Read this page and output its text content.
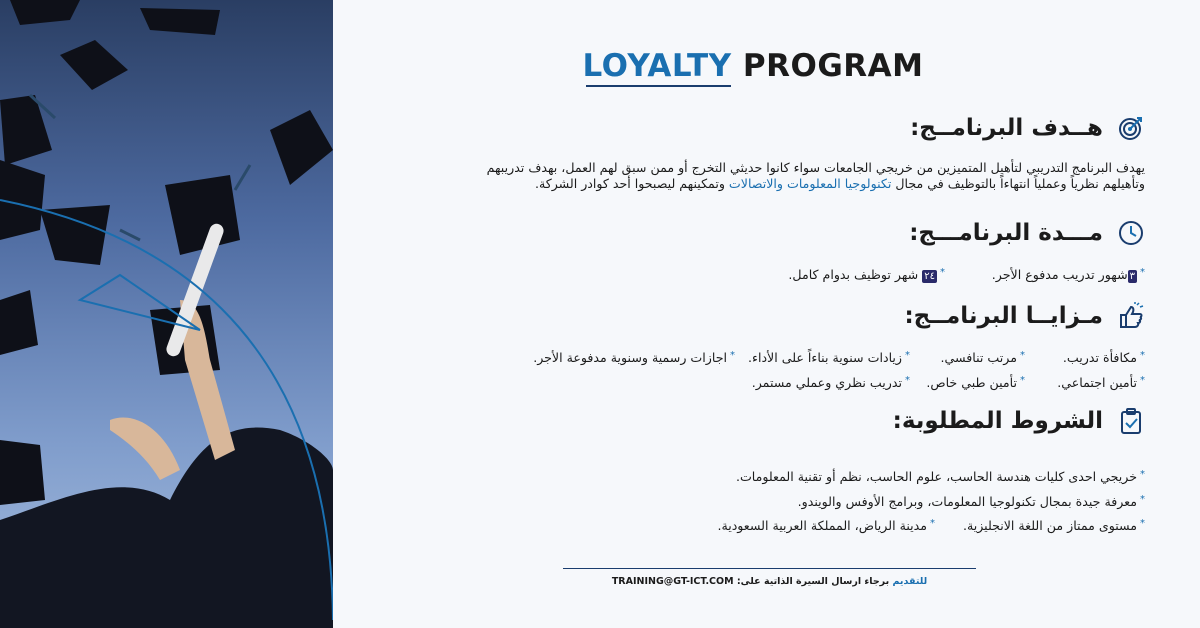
LOYALTY PROGRAM
هــدف البرنامــج:
يهدف البرنامج التدريبي لتأهيل المتميزين من خريجي الجامعات سواء كانوا حديثي التخرج أو ممن سبق لهم العمل، بهدف تدريبهم
وتأهيلهم نظرياً وعملياً انتهاءاً بالتوظيف في مجال تكنولوجيا المعلومات والاتصالات وتمكينهم ليصبحوا أحد كوادر الشركة.
مـــدة البرنامـــج:
*٣شهور تدريب مدفوع الأجر.
*٢٤ شهر توظيف بدوام كامل.
مـزايــا البرنامــج:
*مكافأة تدريب.
*مرتب تنافسي.
*زيادات سنوية بناءاً على الأداء.
*اجازات رسمية وسنوية مدفوعة الأجر.
*تأمين اجتماعي.
*تأمين طبي خاص.
*تدريب نظري وعملي مستمر.
الشروط المطلوبة:
*خريجي احدى كليات هندسة الحاسب، علوم الحاسب، نظم أو تقنية المعلومات.
*معرفة جيدة بمجال تكنولوجيا المعلومات، وبرامج الأوفس والويندو.
*مستوى ممتاز من اللغة الانجليزية.
*مدينة الرياض، المملكة العربية السعودية.
للتقديم برجاء ارسال السيرة الذاتية على: TRAINING@GT-ICT.COM
